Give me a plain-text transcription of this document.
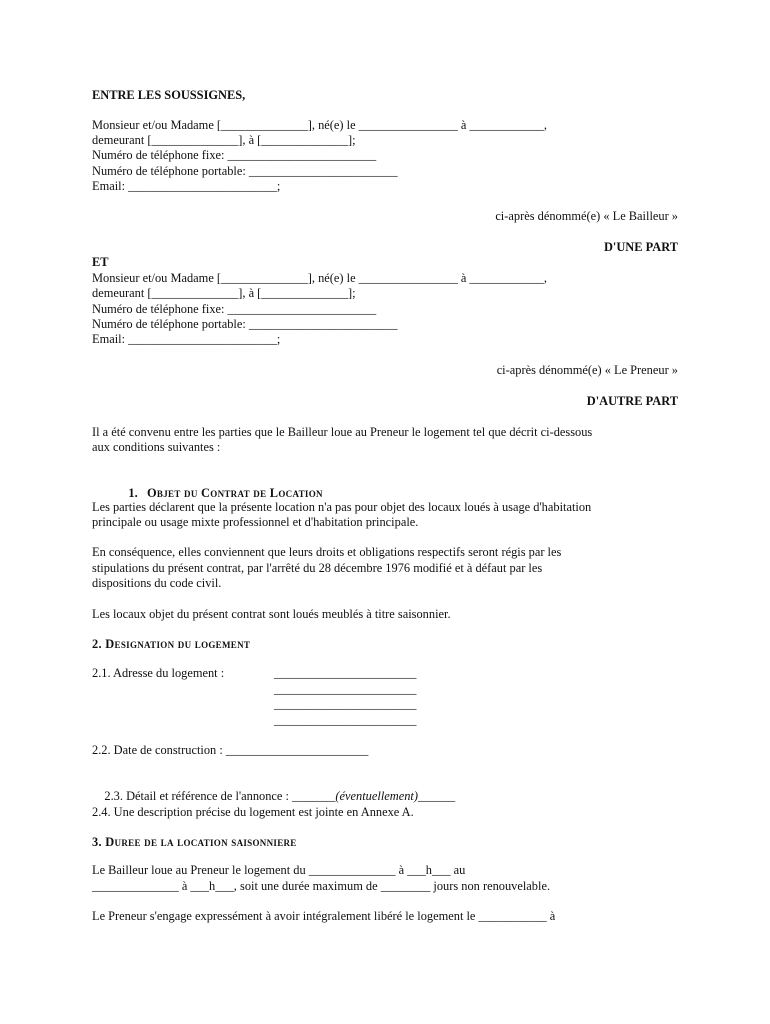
ENTRE LES SOUSSIGNES,
Monsieur et/ou Madame [______________], né(e) le ________________ à ____________,
demeurant [______________], à [______________];
Numéro de téléphone fixe: ________________________
Numéro de téléphone portable: ________________________
Email: ________________________;
ci-après dénommé(e) « Le Bailleur »
D'UNE PART
ET
Monsieur et/ou Madame [______________], né(e) le ________________ à ____________,
demeurant [______________], à [______________];
Numéro de téléphone fixe: ________________________
Numéro de téléphone portable: ________________________
Email: ________________________;
ci-après dénommé(e) « Le Preneur »
D'AUTRE PART
Il a été convenu entre les parties que le Bailleur loue au Preneur le logement tel que décrit ci-dessous
aux conditions suivantes :

1. Objet du Contrat de Location

Les parties déclarent que la présente location n'a pas pour objet des locaux loués à usage d'habitation
principale ou usage mixte professionnel et d'habitation principale.
En conséquence, elles conviennent que leurs droits et obligations respectifs seront régis par les
stipulations du présent contrat, par l'arrêté du 28 décembre 1976 modifié et à défaut par les
dispositions du code civil.
Les locaux objet du présent contrat sont loués meublés à titre saisonnier.
2. Designation du logement
2.1. Adresse du logement :	_______________________
_______________________
_______________________
_______________________
2.2. Date de construction : _______________________

2.3. Détail et référence de l'annonce : _______(éventuellement)______

2.4. Une description précise du logement est jointe en Annexe A.
3. Duree de la location saisonniere
Le Bailleur loue au Preneur le logement du ______________ à ___h___ au
______________ à ___h___, soit une durée maximum de ________ jours non renouvelable.
Le Preneur s'engage expressément à avoir intégralement libéré le logement le ___________ à
